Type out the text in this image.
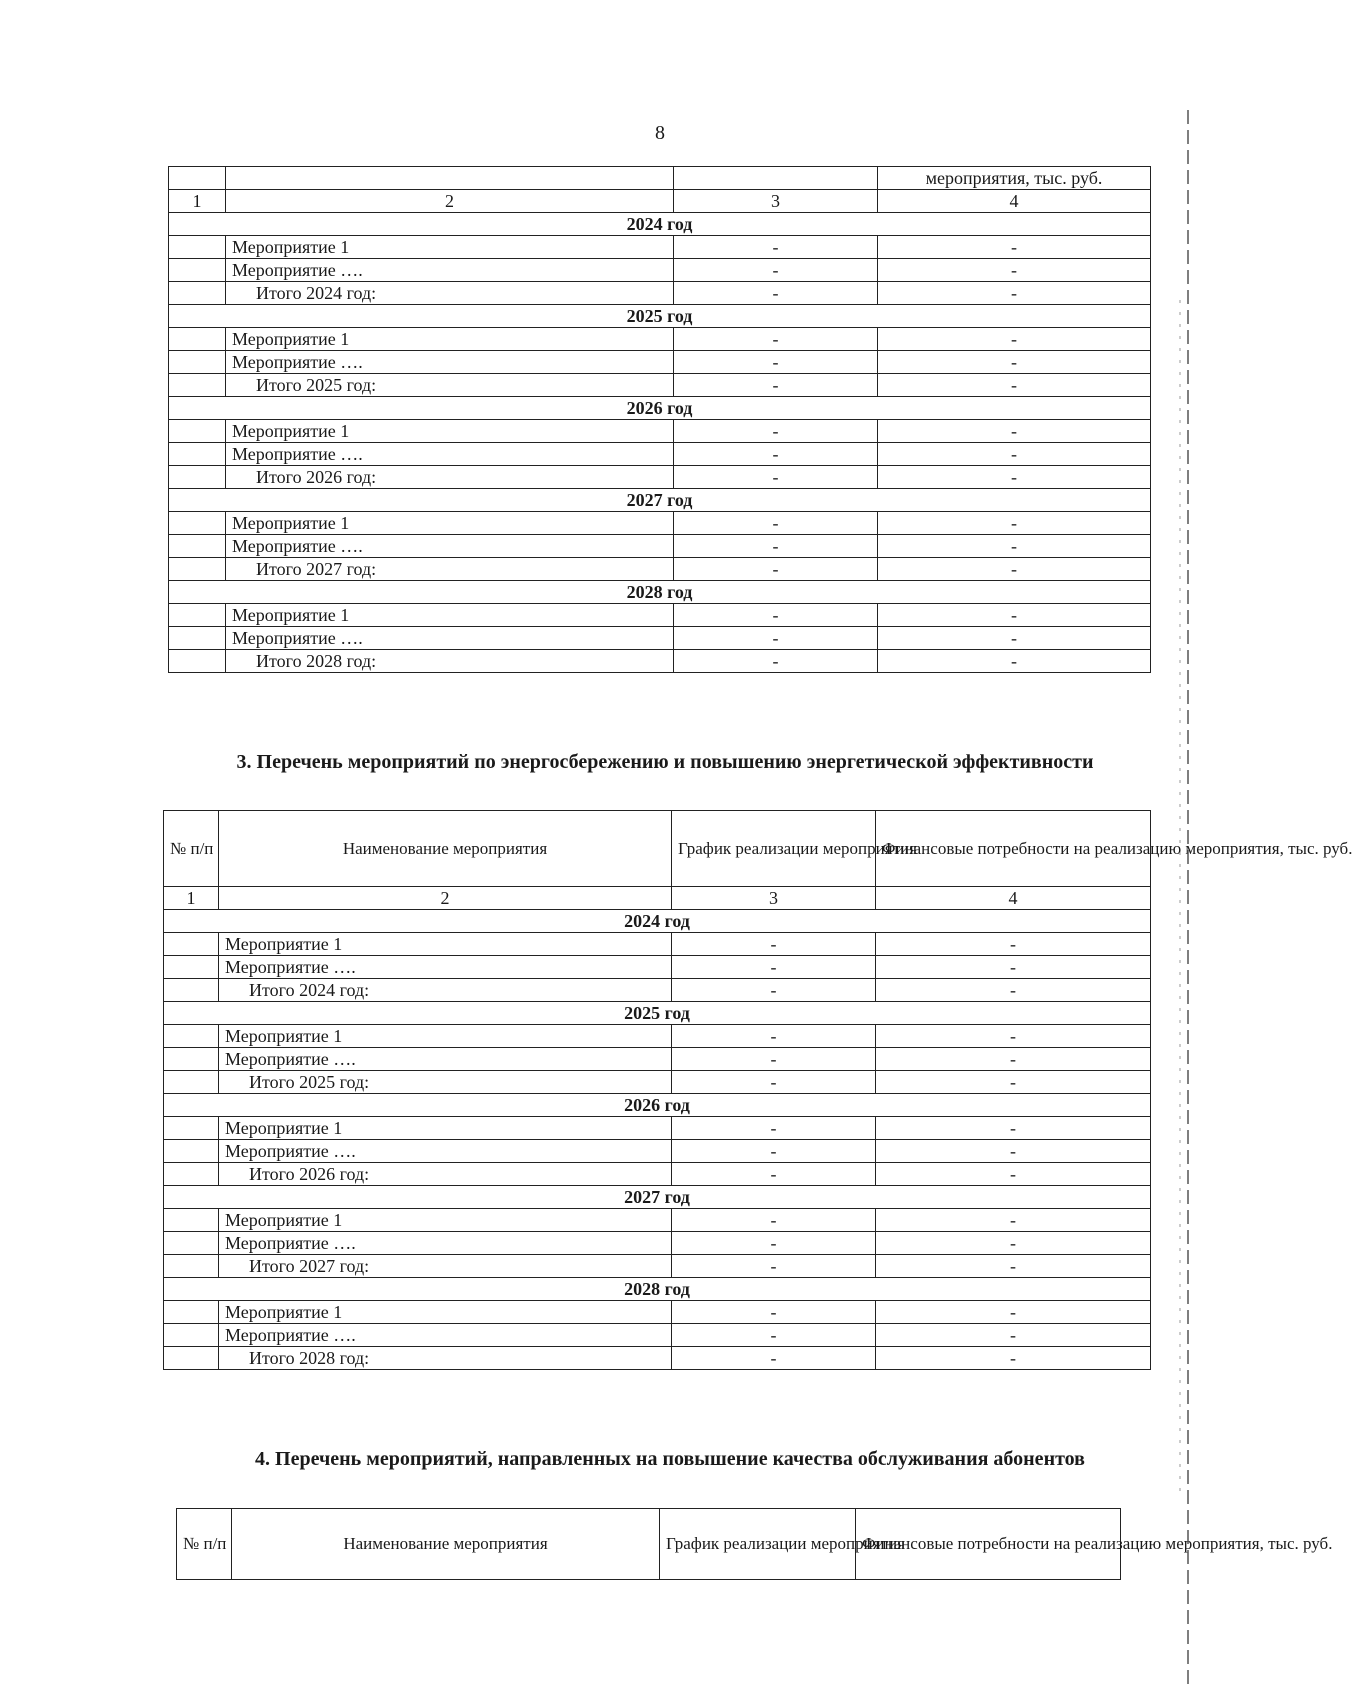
8
			мероприятия, тыс. руб.
1	2	3	4
2024 год			
	Мероприятие 1	-	-
	Мероприятие ….	-	-
	Итого 2024 год:	-	-
2025 год			
	Мероприятие 1	-	-
	Мероприятие ….	-	-
	Итого 2025 год:	-	-
2026 год			
	Мероприятие 1	-	-
	Мероприятие ….	-	-
	Итого 2026 год:	-	-
2027 год			
	Мероприятие 1	-	-
	Мероприятие ….	-	-
	Итого 2027 год:	-	-
2028 год			
	Мероприятие 1	-	-
	Мероприятие ….	-	-
	Итого 2028 год:	-	-
3. Перечень мероприятий по энергосбережению и повышению энергетической эффективности
№ п/п	Наименование мероприятия	График реализации мероприятия	Финансовые потребности на реализацию мероприятия, тыс. руб.
1	2	3	4
2024 год			
	Мероприятие 1	-	-
	Мероприятие ….	-	-
	Итого 2024 год:	-	-
2025 год			
	Мероприятие 1	-	-
	Мероприятие ….	-	-
	Итого 2025 год:	-	-
2026 год			
	Мероприятие 1	-	-
	Мероприятие ….	-	-
	Итого 2026 год:	-	-
2027 год			
	Мероприятие 1	-	-
	Мероприятие ….	-	-
	Итого 2027 год:	-	-
2028 год			
	Мероприятие 1	-	-
	Мероприятие ….	-	-
	Итого 2028 год:	-	-
4. Перечень мероприятий, направленных на повышение качества обслуживания абонентов
№ п/п	Наименование мероприятия	График реализации мероприятия	Финансовые потребности на реализацию мероприятия, тыс. руб.
